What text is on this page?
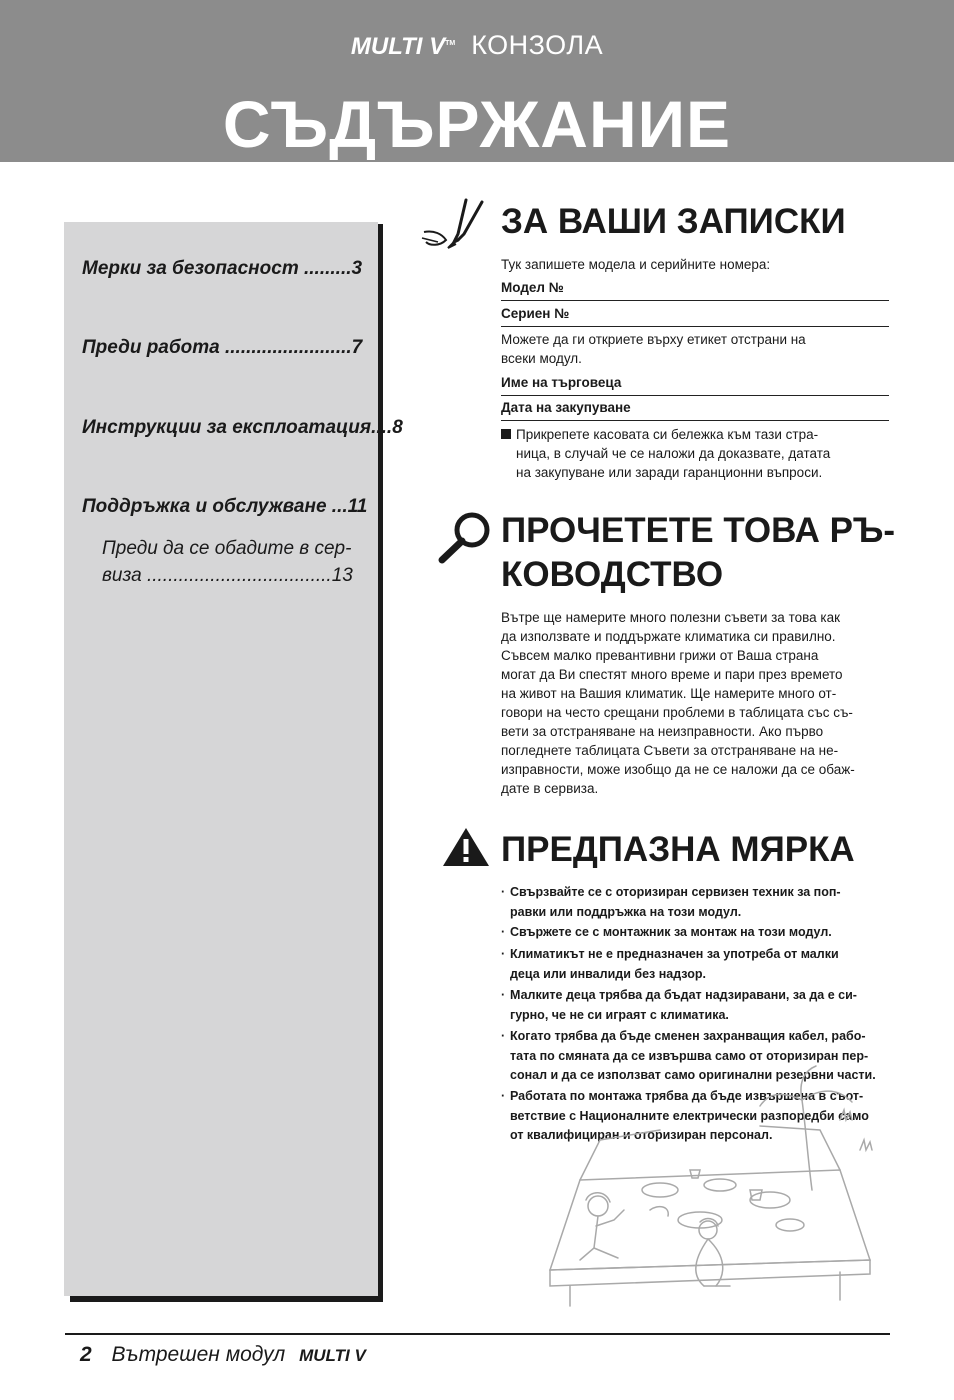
MULTI V™ КОНЗОЛА
СЪДЪРЖАНИЕ
Мерки за безопасност .........3
Преди работа ........................7
Инструкции за експлоатация....8
Поддръжка и обслужване ...11
Преди да се обадите в сер-
виза ...................................13
ЗА ВАШИ ЗАПИСКИ
Тук запишете модела и серийните номера:
Модел №
Сериен №
Можете да ги откриете върху етикет отстрани на
всеки модул.
Име на търговеца
Дата на закупуване
Прикрепете касовата си бележка към тази стра-
ница, в случай че се наложи да доказвате, датата
на закупуване или заради гаранционни въпроси.
ПРОЧЕТЕТЕ ТОВА РЪ-
КОВОДСТВО
Вътре ще намерите много полезни съвети за това как
да използвате и поддържате климатика си правилно.
Съвсем малко превантивни грижи от Ваша страна
могат да Ви спестят много време и пари през времето
на живот на Вашия климатик. Ще намерите много от-
говори на често срещани проблеми в таблицата със съ-
вети за отстраняване на неизправности. Ако първо
погледнете таблицата Съвети за отстраняване на не-
изправности, може изобщо да не се наложи да се обаж-
дате в сервиза.
ПРЕДПАЗНА МЯРКА
· Свързвайте се с оторизиран сервизен техник за поп-
равки или поддръжка на този модул.
· Свържете се с монтажник за монтаж на този модул.
· Климатикът не е предназначен за употреба от малки
деца или инвалиди без надзор.
· Малките деца трябва да бъдат надзиравани, за да е си-
гурно, че не си играят с климатика.
· Когато трябва да бъде сменен захранващия кабел, рабо-
тата по смяната да се извършва само от оторизиран пер-
сонал и да се използват само оригинални резервни части.
· Работата по монтажа трябва да бъде извършена в съот-
ветствие с Националните електрически разпоредби само
от квалифициран и оторизиран персонал.
2 Вътрешен модул MULTI V
